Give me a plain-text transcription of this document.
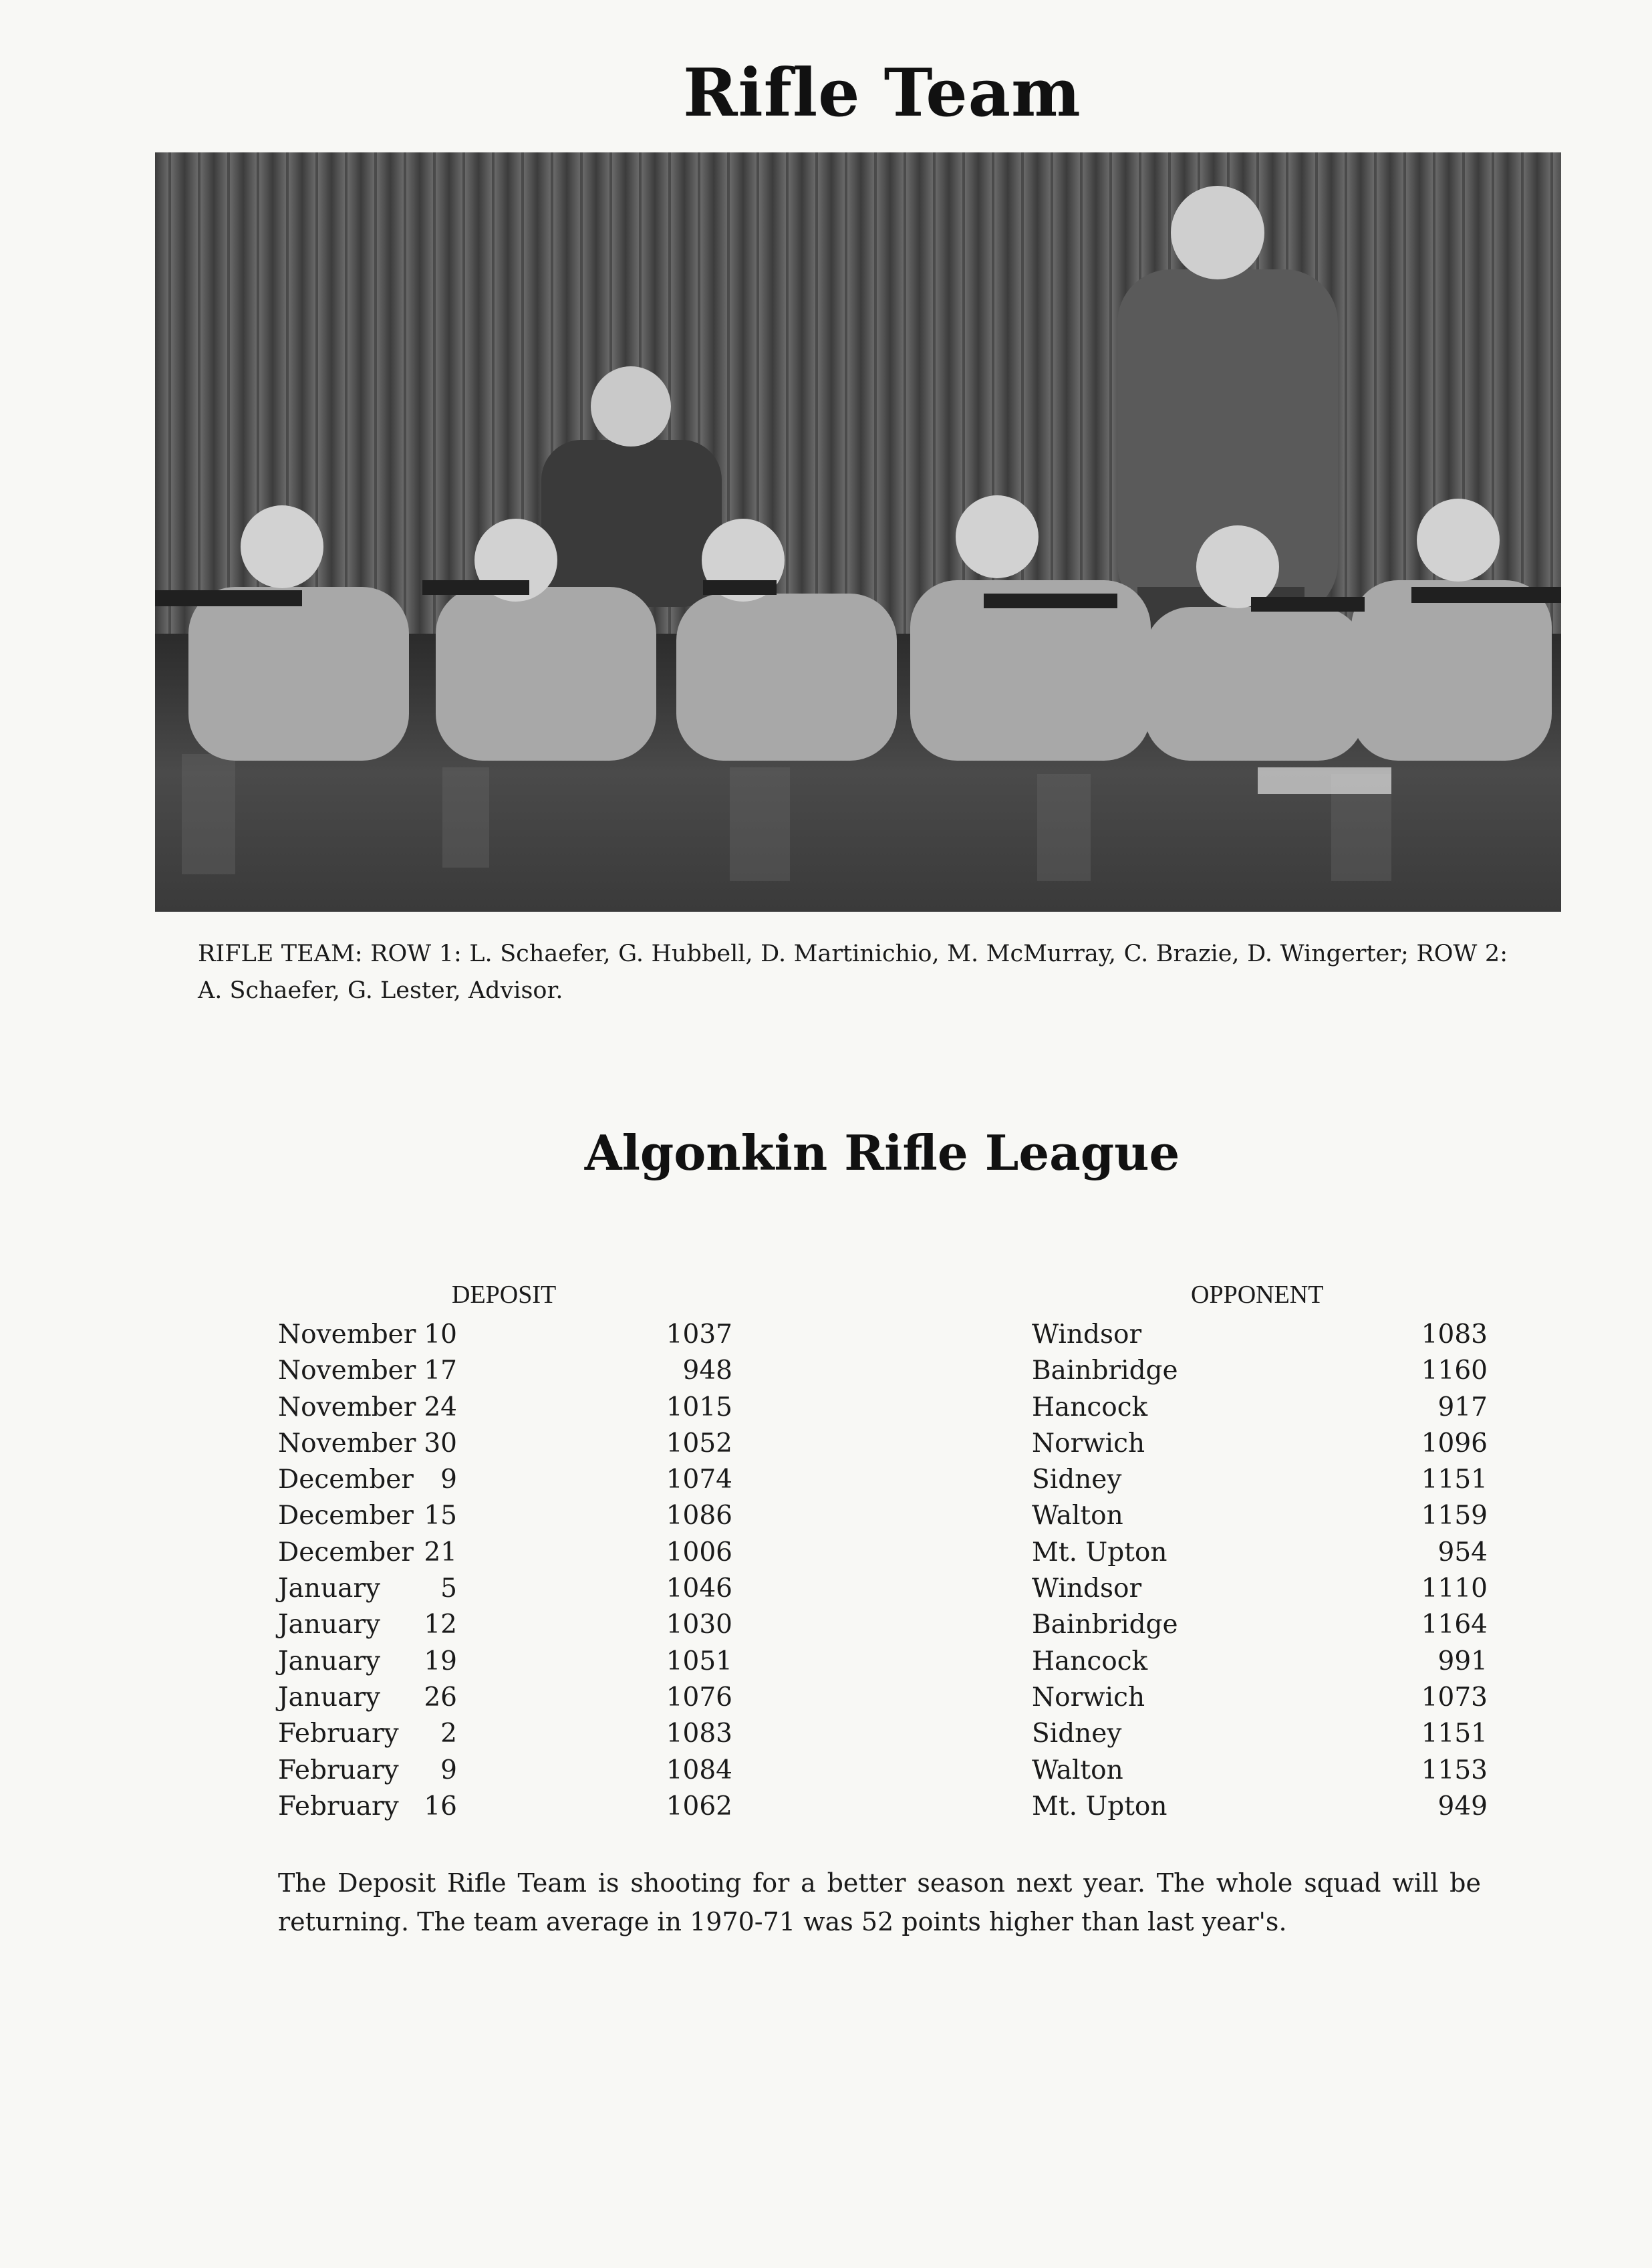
Rifle Team
RIFLE TEAM: ROW 1: L. Schaefer, G. Hubbell, D. Martinichio, M. McMurray, C. Brazie, D. Wingerter; ROW 2: A. Schaefer, G. Lester, Advisor.
Algonkin Rifle League
DEPOSIT	OPPONENT
November 10	1037	Windsor	1083
November 17	948	Bainbridge	1160
November 24	1015	Hancock	917
November 30	1052	Norwich	1096
December	9	1074	Sidney	1151
December 15	1086	Walton	1159
December 21	1006	Mt. Upton	954
January	5	1046	Windsor	1110
January 12	1030	Bainbridge	1164
January 19	1051	Hancock	991
January 26	1076	Norwich	1073
February	2	1083	Sidney	1151
February	9	1084	Walton	1153
February 16	1062	Mt. Upton	949
The Deposit Rifle Team is shooting for a better season next year. The whole squad will be returning. The team average in 1970-71 was 52 points higher than last year's.
